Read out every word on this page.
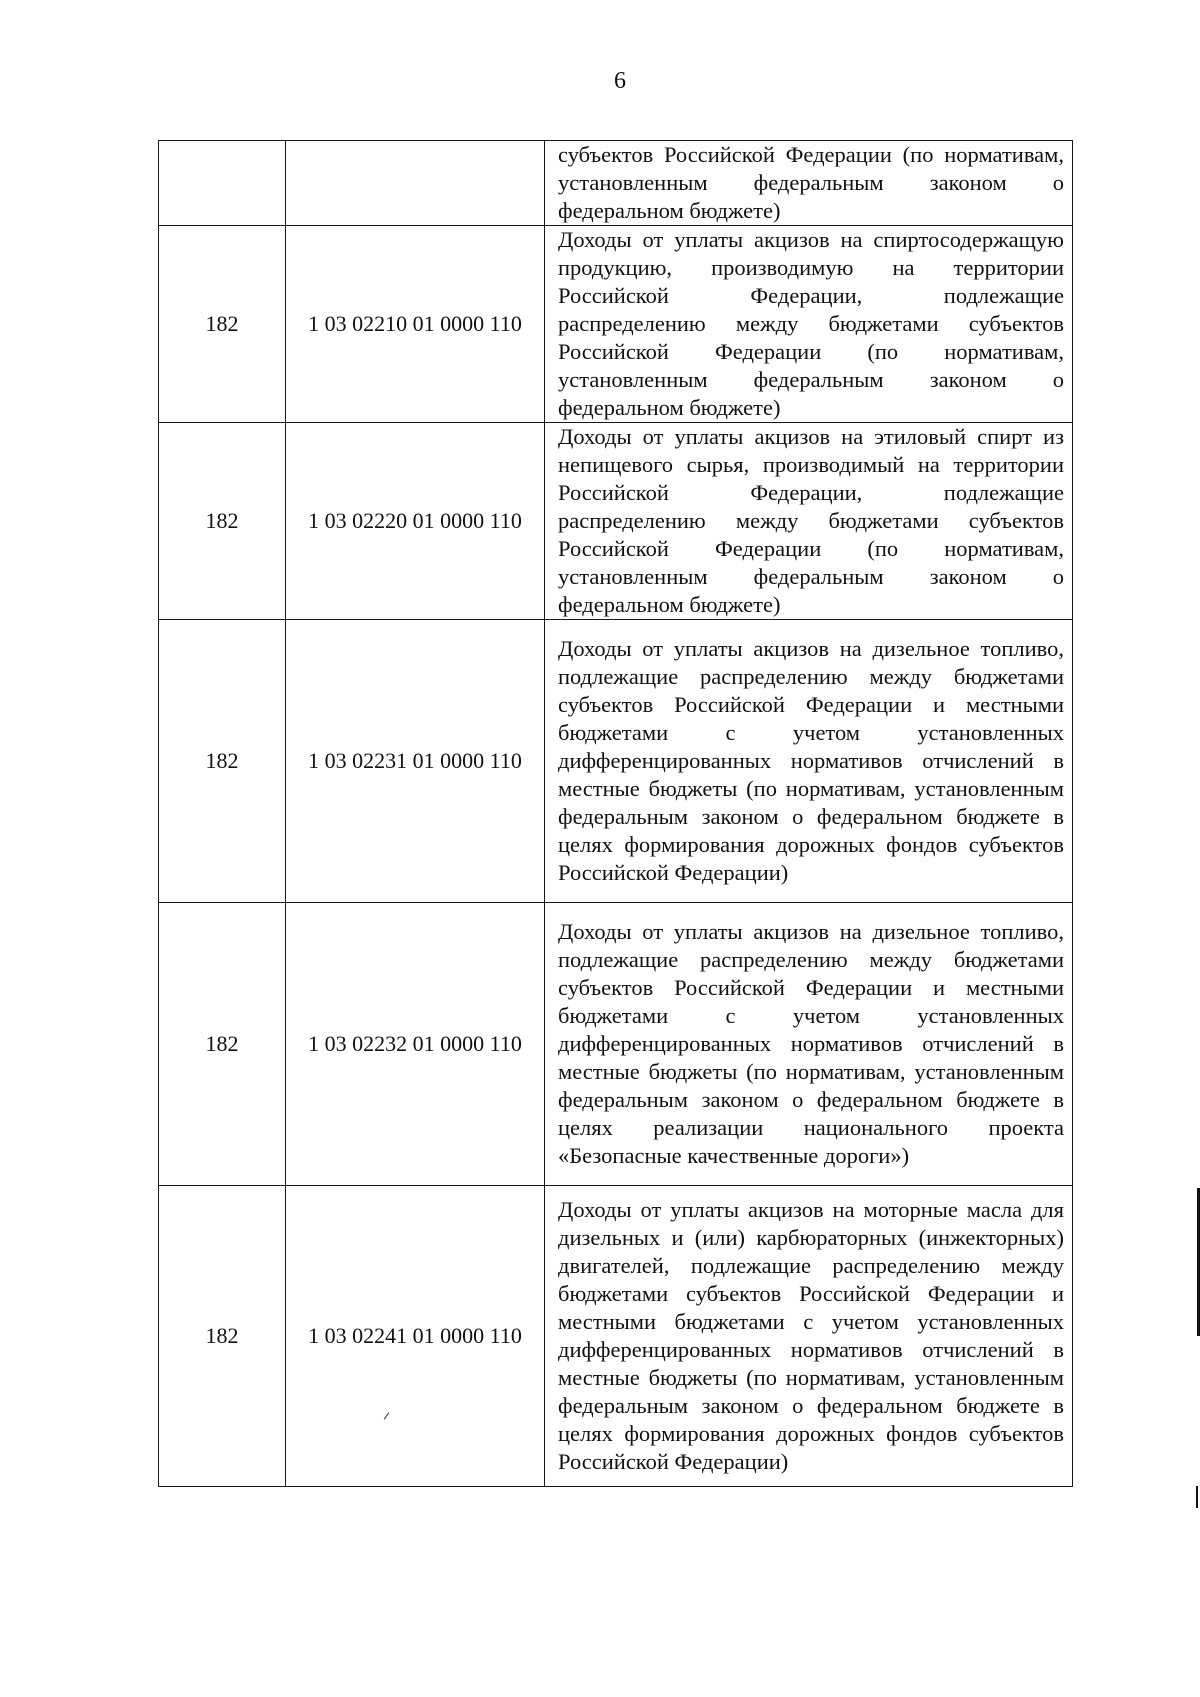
6
		субъектов Российской Федерации (по нормативам, установленным федеральным законом о федеральном бюджете)
182	1 03 02210 01 0000 110	Доходы от уплаты акцизов на спиртосодержащую продукцию, производимую на территории Российской Федерации, подлежащие распределению между бюджетами субъектов Российской Федерации (по нормативам, установленным федеральным законом о федеральном бюджете)
182	1 03 02220 01 0000 110	Доходы от уплаты акцизов на этиловый спирт из непищевого сырья, производимый на территории Российской Федерации, подлежащие распределению между бюджетами субъектов Российской Федерации (по нормативам, установленным федеральным законом о федеральном бюджете)
182	1 03 02231 01 0000 110	Доходы от уплаты акцизов на дизельное топливо, подлежащие распределению между бюджетами субъектов Российской Федерации и местными бюджетами с учетом установленных дифференцированных нормативов отчислений в местные бюджеты (по нормативам, установленным федеральным законом о федеральном бюджете в целях формирования дорожных фондов субъектов Российской Федерации)
182	1 03 02232 01 0000 110	Доходы от уплаты акцизов на дизельное топливо, подлежащие распределению между бюджетами субъектов Российской Федерации и местными бюджетами с учетом установленных дифференцированных нормативов отчислений в местные бюджеты (по нормативам, установленным федеральным законом о федеральном бюджете в целях реализации национального проекта «Безопасные качественные дороги»)
182	1 03 02241 01 0000 110	Доходы от уплаты акцизов на моторные масла для дизельных и (или) карбюраторных (инжекторных) двигателей, подлежащие распределению между бюджетами субъектов Российской Федерации и местными бюджетами с учетом установленных дифференцированных нормативов отчислений в местные бюджеты (по нормативам, установленным федеральным законом о федеральном бюджете в целях формирования дорожных фондов субъектов Российской Федерации)
